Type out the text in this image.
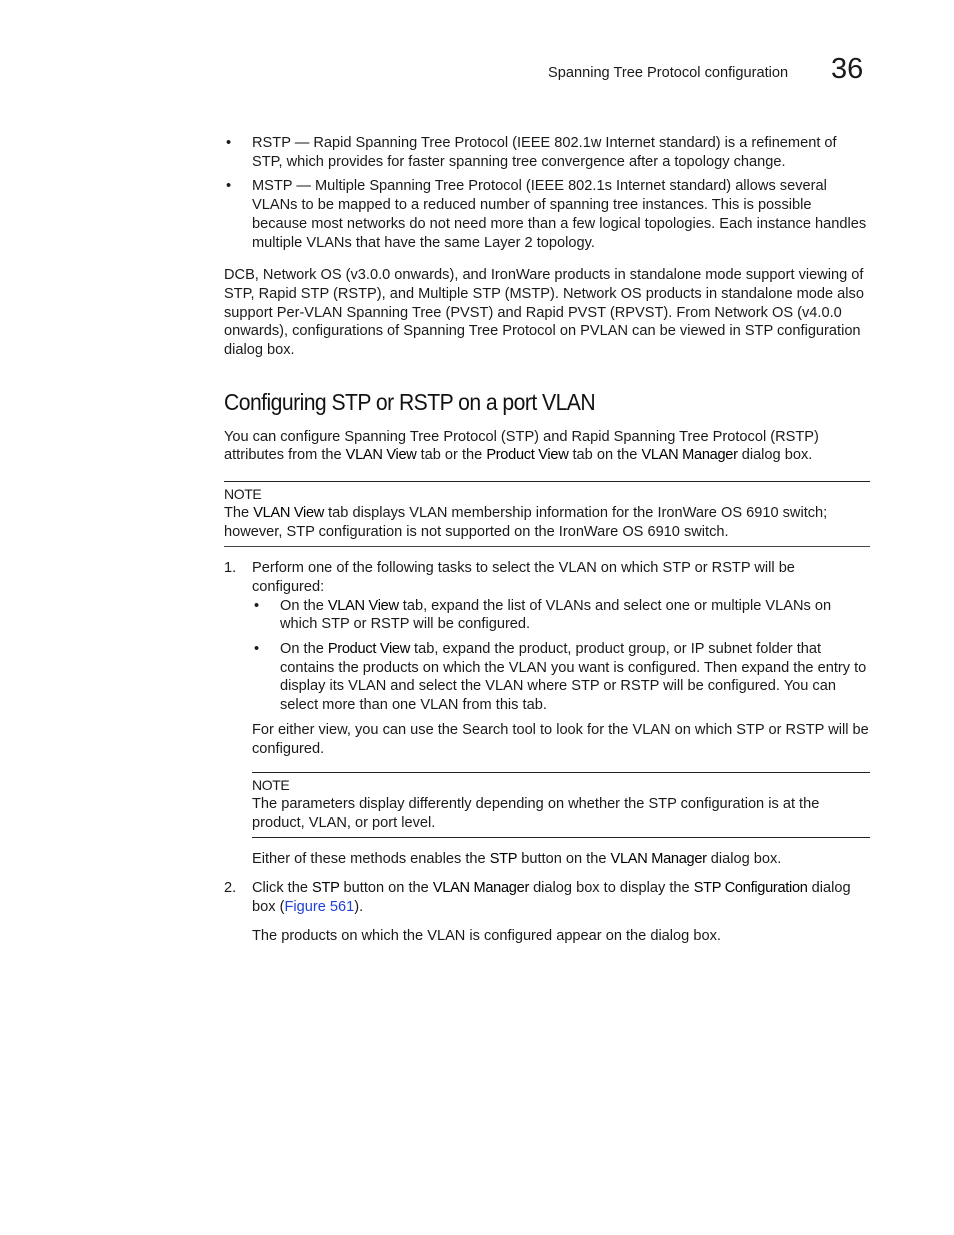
Spanning Tree Protocol configuration 36
• RSTP — Rapid Spanning Tree Protocol (IEEE 802.1w Internet standard) is a refinement of STP, which provides for faster spanning tree convergence after a topology change.
• MSTP — Multiple Spanning Tree Protocol (IEEE 802.1s Internet standard) allows several VLANs to be mapped to a reduced number of spanning tree instances. This is possible because most networks do not need more than a few logical topologies. Each instance handles multiple VLANs that have the same Layer 2 topology.

DCB, Network OS (v3.0.0 onwards), and IronWare products in standalone mode support viewing of STP, Rapid STP (RSTP), and Multiple STP (MSTP). Network OS products in standalone mode also support Per-VLAN Spanning Tree (PVST) and Rapid PVST (RPVST). From Network OS (v4.0.0 onwards), configurations of Spanning Tree Protocol on PVLAN can be viewed in STP configuration dialog box.

Configuring STP or RSTP on a port VLAN

You can configure Spanning Tree Protocol (STP) and Rapid Spanning Tree Protocol (RSTP) attributes from the VLAN View tab or the Product View tab on the VLAN Manager dialog box.

NOTE
The VLAN View tab displays VLAN membership information for the IronWare OS 6910 switch; however, STP configuration is not supported on the IronWare OS 6910 switch.
1. Perform one of the following tasks to select the VLAN on which STP or RSTP will be configured:
• On the VLAN View tab, expand the list of VLANs and select one or multiple VLANs on which STP or RSTP will be configured.
• On the Product View tab, expand the product, product group, or IP subnet folder that contains the products on which the VLAN you want is configured. Then expand the entry to display its VLAN and select the VLAN where STP or RSTP will be configured. You can select more than one VLAN from this tab.

For either view, you can use the Search tool to look for the VLAN on which STP or RSTP will be configured.

NOTE
The parameters display differently depending on whether the STP configuration is at the product, VLAN, or port level.

Either of these methods enables the STP button on the VLAN Manager dialog box.

2. Click the STP button on the VLAN Manager dialog box to display the STP Configuration dialog box (Figure 561).

The products on which the VLAN is configured appear on the dialog box.
